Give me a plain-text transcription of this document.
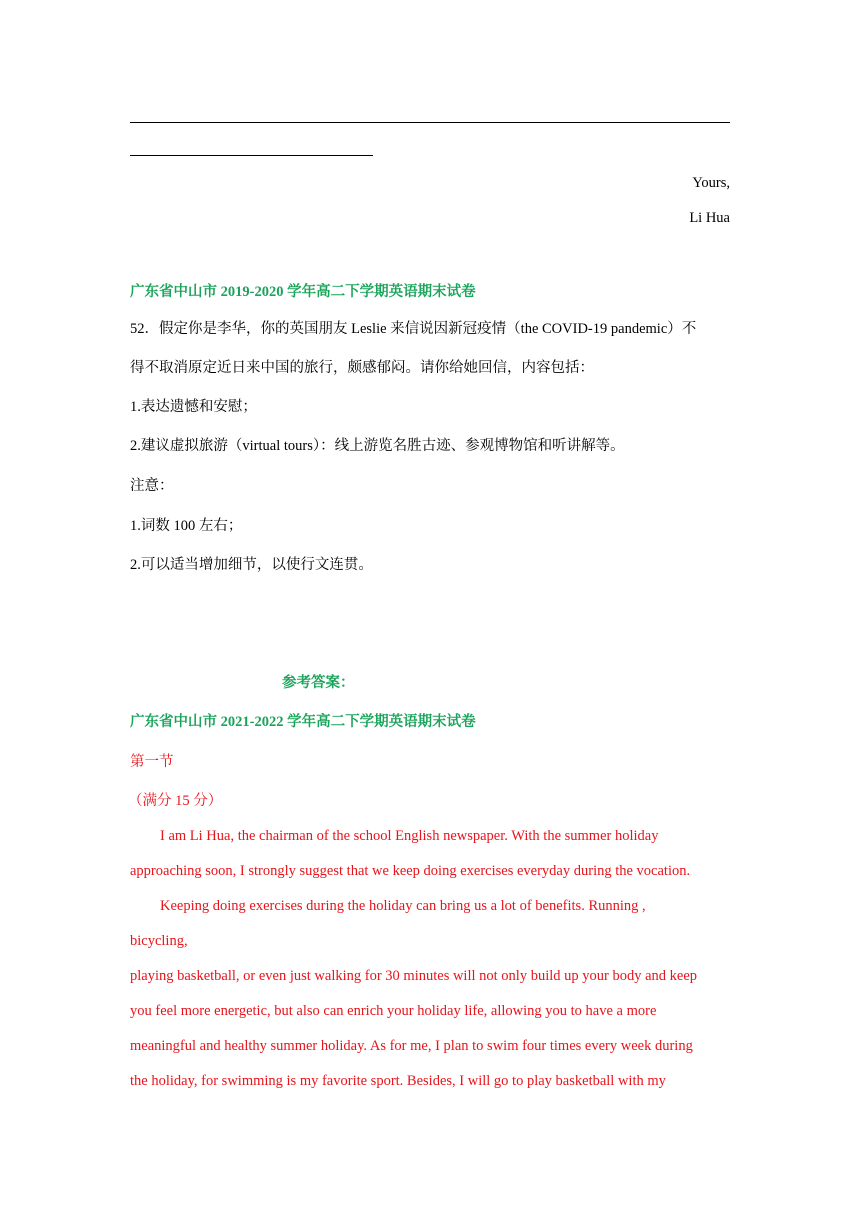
Yours,
Li Hua
广东省中山市 2019-2020 学年高二下学期英语期末试卷
52．假定你是李华，你的英国朋友 Leslie 来信说因新冠疫情（the COVID-19 pandemic）不
得不取消原定近日来中国的旅行，颇感郁闷。请你给她回信，内容包括：
1.表达遗憾和安慰；
2.建议虚拟旅游（virtual tours）：线上游览名胜古迹、参观博物馆和听讲解等。
注意：
1.词数 100 左右；
2.可以适当增加细节，以使行文连贯。
参考答案：
广东省中山市 2021-2022 学年高二下学期英语期末试卷
第一节
（满分 15 分）
I am Li Hua, the chairman of the school English newspaper. With the summer holiday
approaching soon, I strongly suggest that we keep doing exercises everyday during the vocation.
Keeping doing exercises during the holiday can bring us a lot of benefits. Running ,
bicycling,
playing basketball, or even just walking for 30 minutes will not only build up your body and keep
you feel more energetic, but also can enrich your holiday life, allowing you to have a more
meaningful and healthy summer holiday. As for me, I plan to swim four times every week during
the holiday, for swimming is my favorite sport. Besides, I will go to play basketball with my
